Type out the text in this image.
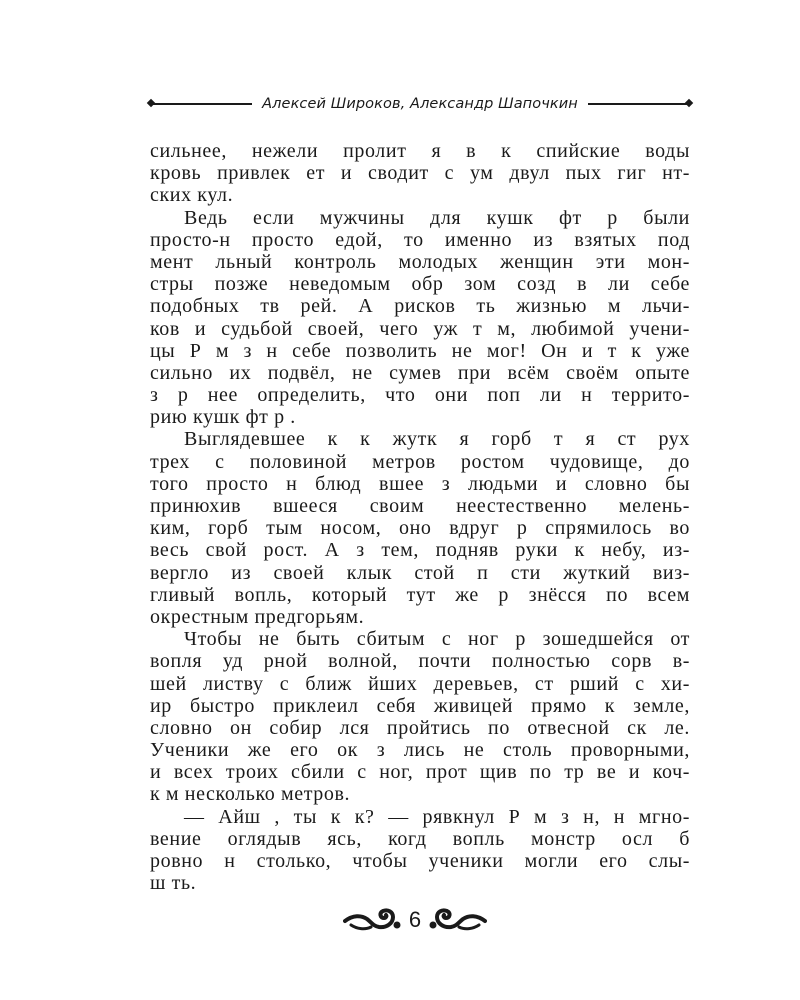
Алексей Широков, Александр Шапочкин
сильнее, нежели пролит я в к спийские воды
кровь привлек ет и сводит с ум двул пых гиг нт-
ских кул.
Ведь если мужчины для кушк фт р были
просто-н просто едой, то именно из взятых под
мент льный контроль молодых женщин эти мон-
стры позже неведомым обр зом созд в ли себе
подобных тв рей. А рисков ть жизнью м льчи-
ков и судьбой своей, чего уж т м, любимой учени-
цы Р м з н себе позволить не мог! Он и т к уже
сильно их подвёл, не сумев при всём своём опыте
з р нее определить, что они поп ли н террито-
рию кушк фт р .
Выглядевшее к к жутк я горб т я ст рух
трех с половиной метров ростом чудовище, до
того просто н блюд вшее з людьми и словно бы
принюхив вшееся своим неестественно мелень-
ким, горб тым носом, оно вдруг р спрямилось во
весь свой рост. А з тем, подняв руки к небу, из-
вергло из своей клык стой п сти жуткий виз-
гливый вопль, который тут же р знёсся по всем
окрестным предгорьям.
Чтобы не быть сбитым с ног р зошедшейся от
вопля уд рной волной, почти полностью сорв в-
шей листву с ближ йших деревьев, ст рший с хи-
ир быстро приклеил себя живицей прямо к земле,
словно он собир лся пройтись по отвесной ск ле.
Ученики же его ок з лись не столь проворными,
и всех троих сбили с ног, прот щив по тр ве и коч-
к м несколько метров.
— Айш , ты к к? — рявкнул Р м з н, н мгно-
вение оглядыв ясь, когд вопль монстр осл б
ровно н столько, чтобы ученики могли его слы-
ш ть.
6
